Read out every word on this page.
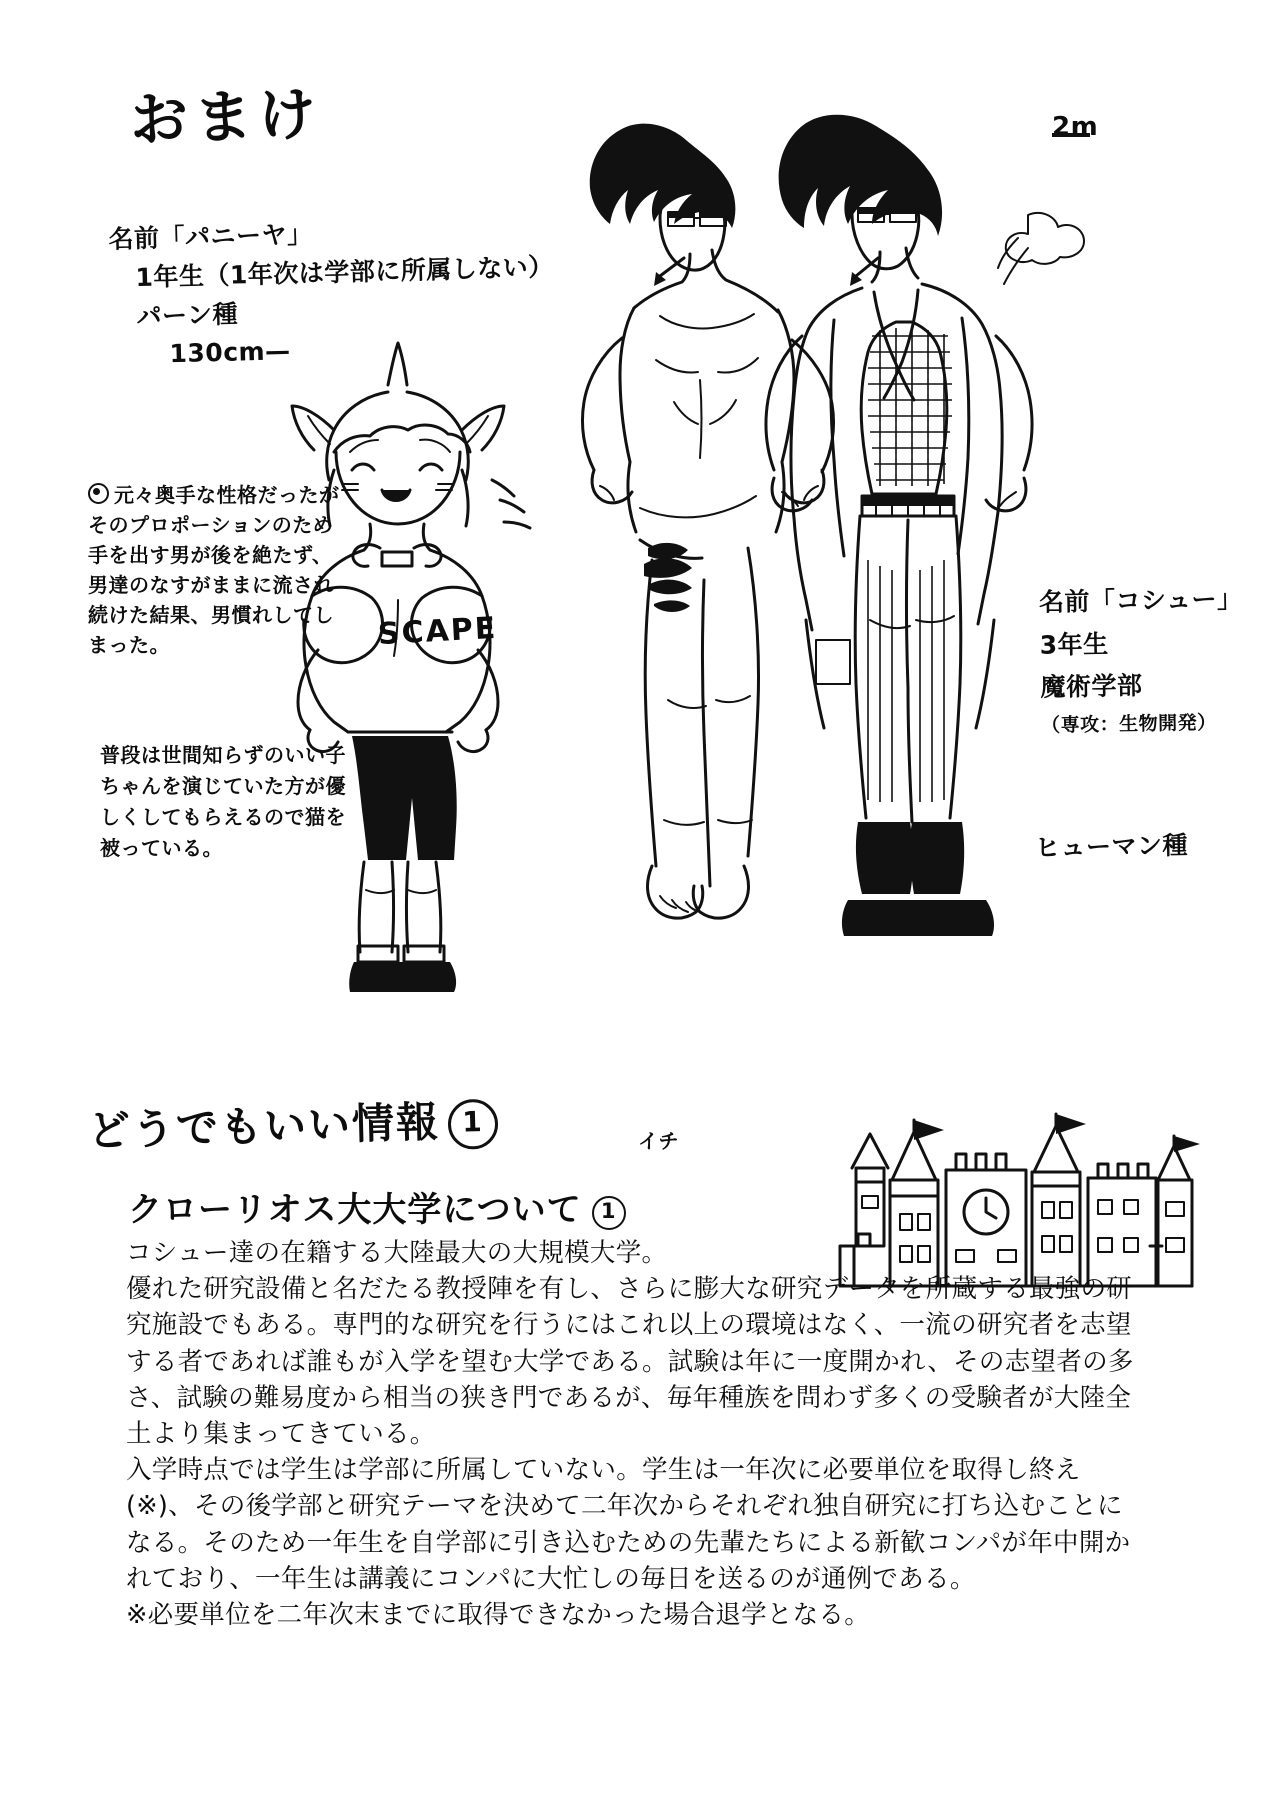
おまけ	2m
名前「パニーヤ」
1年生（1年次は学部に所属しない）
パーン種
130cm—
元々奥手な性格だったがそのプロポーションのため手を出す男が後を絶たず、男達のなすがままに流され続けた結果、男慣れしてしまった。
普段は世間知らずのいい子ちゃんを演じていた方が優しくしてもらえるので猫を被っている。
SCAPE
名前「コシュー」
3年生
魔術学部
（専攻：生物開発）
ヒューマン種
どうでもいい情報 1
イチ
クローリオス大大学について 1

コシュー達の在籍する大陸最大の大規模大学。

優れた研究設備と名だたる教授陣を有し、さらに膨大な研究データを所蔵する最強の研究施設でもある。専門的な研究を行うにはこれ以上の環境はなく、一流の研究者を志望する者であれば誰もが入学を望む大学である。試験は年に一度開かれ、その志望者の多さ、試験の難易度から相当の狭き門であるが、毎年種族を問わず多くの受験者が大陸全土より集まってきている。

入学時点では学生は学部に所属していない。学生は一年次に必要単位を取得し終え(※)、その後学部と研究テーマを決めて二年次からそれぞれ独自研究に打ち込むことになる。そのため一年生を自学部に引き込むための先輩たちによる新歓コンパが年中開かれており、一年生は講義にコンパに大忙しの毎日を送るのが通例である。

※必要単位を二年次末までに取得できなかった場合退学となる。
